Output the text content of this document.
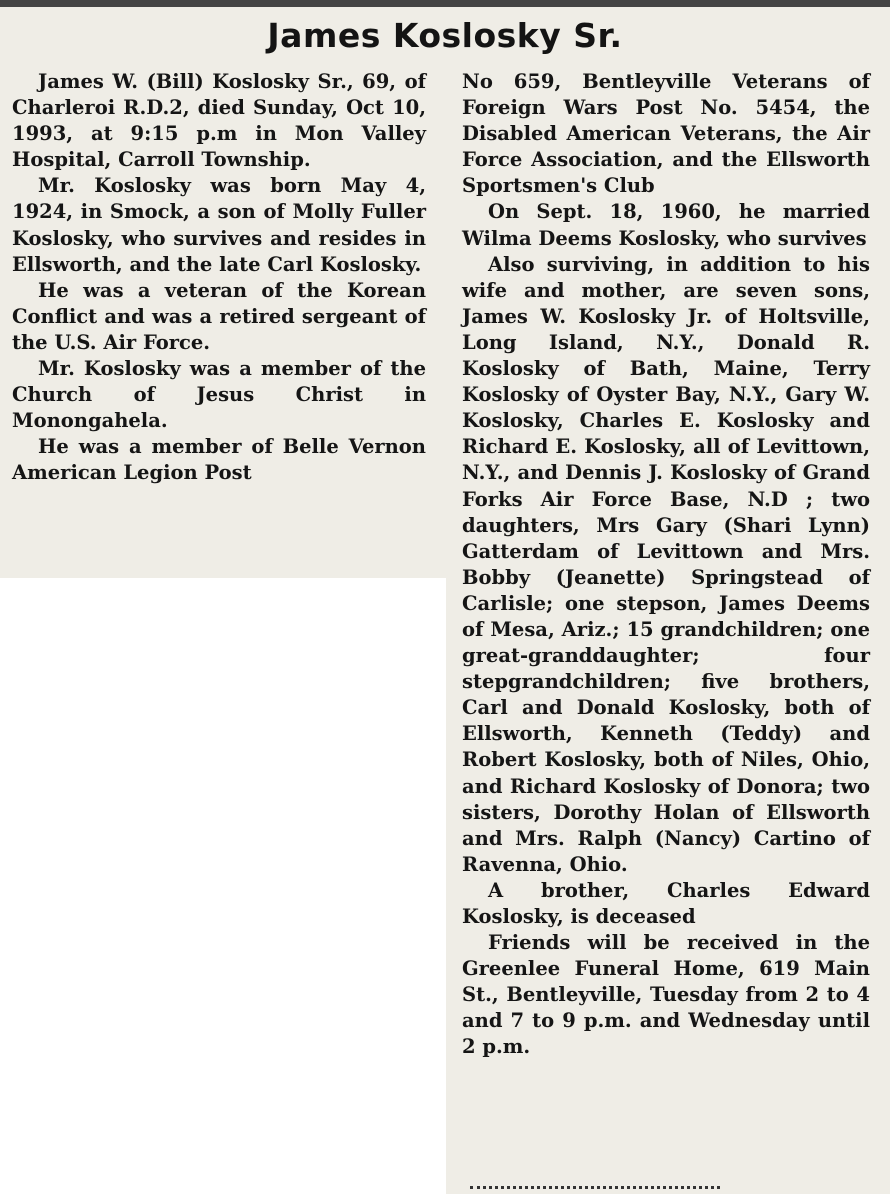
James Koslosky Sr.

James W. (Bill) Koslosky Sr., 69, of Charleroi R.D.2, died Sunday, Oct 10, 1993, at 9:15 p.m in Mon Valley Hospital, Carroll Township.

Mr. Koslosky was born May 4, 1924, in Smock, a son of Molly Fuller Koslosky, who survives and resides in Ellsworth, and the late Carl Koslosky.

He was a veteran of the Korean Conflict and was a retired sergeant of the U.S. Air Force.

Mr. Koslosky was a member of the Church of Jesus Christ in Monongahela.

He was a member of Belle Vernon American Legion Post

No 659, Bentleyville Veterans of Foreign Wars Post No. 5454, the Disabled American Veterans, the Air Force Association, and the Ellsworth Sportsmen's Club

On Sept. 18, 1960, he married Wilma Deems Koslosky, who survives

Also surviving, in addition to his wife and mother, are seven sons, James W. Koslosky Jr. of Holtsville, Long Island, N.Y., Donald R. Koslosky of Bath, Maine, Terry Koslosky of Oyster Bay, N.Y., Gary W. Koslosky, Charles E. Koslosky and Richard E. Koslosky, all of Levittown, N.Y., and Dennis J. Koslosky of Grand Forks Air Force Base, N.D ; two daughters, Mrs Gary (Shari Lynn) Gatterdam of Levittown and Mrs. Bobby (Jeanette) Springstead of Carlisle; one stepson, James Deems of Mesa, Ariz.; 15 grandchildren; one great-granddaughter; four stepgrandchildren; five brothers, Carl and Donald Koslosky, both of Ellsworth, Kenneth (Teddy) and Robert Koslosky, both of Niles, Ohio, and Richard Koslosky of Donora; two sisters, Dorothy Holan of Ellsworth and Mrs. Ralph (Nancy) Cartino of Ravenna, Ohio.

A brother, Charles Edward Koslosky, is deceased

Friends will be received in the Greenlee Funeral Home, 619 Main St., Bentleyville, Tuesday from 2 to 4 and 7 to 9 p.m. and Wednesday until 2 p.m.
